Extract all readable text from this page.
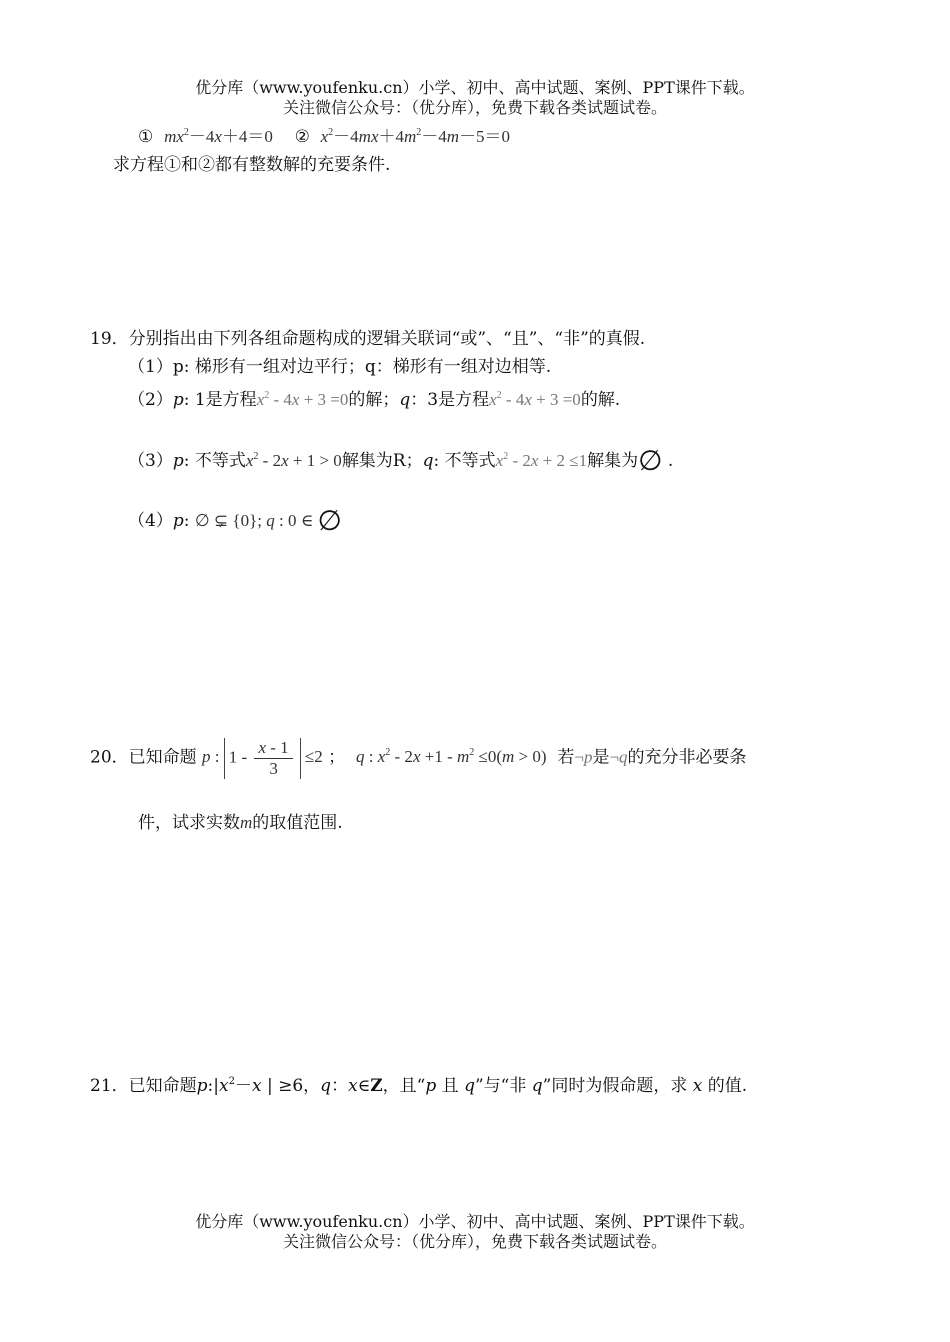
优分库（www.youfenku.cn）小学、初中、高中试题、案例、PPT课件下载。
关注微信公众号：（优分库），免费下载各类试题试卷。
① $mx^2-4x+4=0$ ② $x^2-4mx+4m^2-4m-5=0$
求方程①和②都有整数解的充要条件.
19．分别指出由下列各组命题构成的逻辑关联词“或”、“且”、“非”的真假.
（1）p: 梯形有一组对边平行；q：梯形有一组对边相等.
（2）p: 1是方程$x^2 - 4x + 3 =0$的解；q：3是方程$x^2 - 4x + 3 =0$的解.
（3）p: 不等式$x^2 - 2x + 1 > 0$解集为R；q: 不等式$x^2 - 2x + 2 \le 1$解集为∅ .
（4）p: ∅ ⊊ {0}; q : 0 ∈ ∅
20．已知命题 p : $1 - \frac{x - 1}{3} \le 2$ ；  q : $x^2 - 2x +1 - m^2 \le 0(m > 0)$ 若¬p是¬q的充分非必要条
件，试求实数m的取值范围.
21．已知命题$p:|x^2-x$ | ≥6，q：x∈Z，且“p 且 q”与“非 q”同时为假命题，求 x 的值.
优分库（www.youfenku.cn）小学、初中、高中试题、案例、PPT课件下载。
关注微信公众号：（优分库），免费下载各类试题试卷。
